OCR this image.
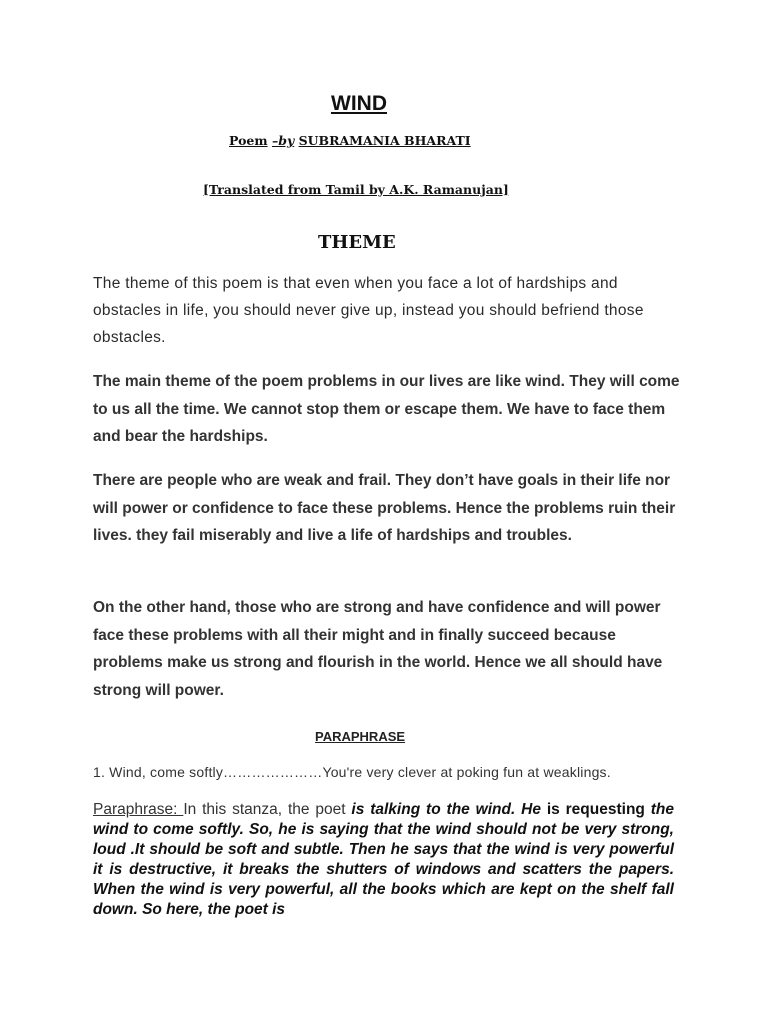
WIND

Poem –by SUBRAMANIA BHARATI

[Translated from Tamil by A.K. Ramanujan]

THEME

The theme of this poem is that even when you face a lot of hardships and obstacles in life, you should never give up, instead you should befriend those obstacles.

The main theme of the poem problems in our lives are like wind. They will come to us all the time. We cannot stop them or escape them. We have to face them and bear the hardships.

There are people who are weak and frail. They don’t have goals in their life nor will power or confidence to face these problems. Hence the problems ruin their lives. they fail miserably and live a life of hardships and troubles.

On the other hand, those who are strong and have confidence and will power face these problems with all their might and in finally succeed because problems make us strong and flourish in the world. Hence we all should have strong will power.

PARAPHRASE

1. Wind, come softly…………………You're very clever at poking fun at weaklings.

Paraphrase: In this stanza, the poet is talking to the wind. He is requesting the wind to come softly. So, he is saying that the wind should not be very strong, loud .It should be soft and subtle. Then he says that the wind is very powerful it is destructive, it breaks the shutters of windows and scatters the papers. When the wind is very powerful, all the books which are kept on the shelf fall down. So here, the poet is
